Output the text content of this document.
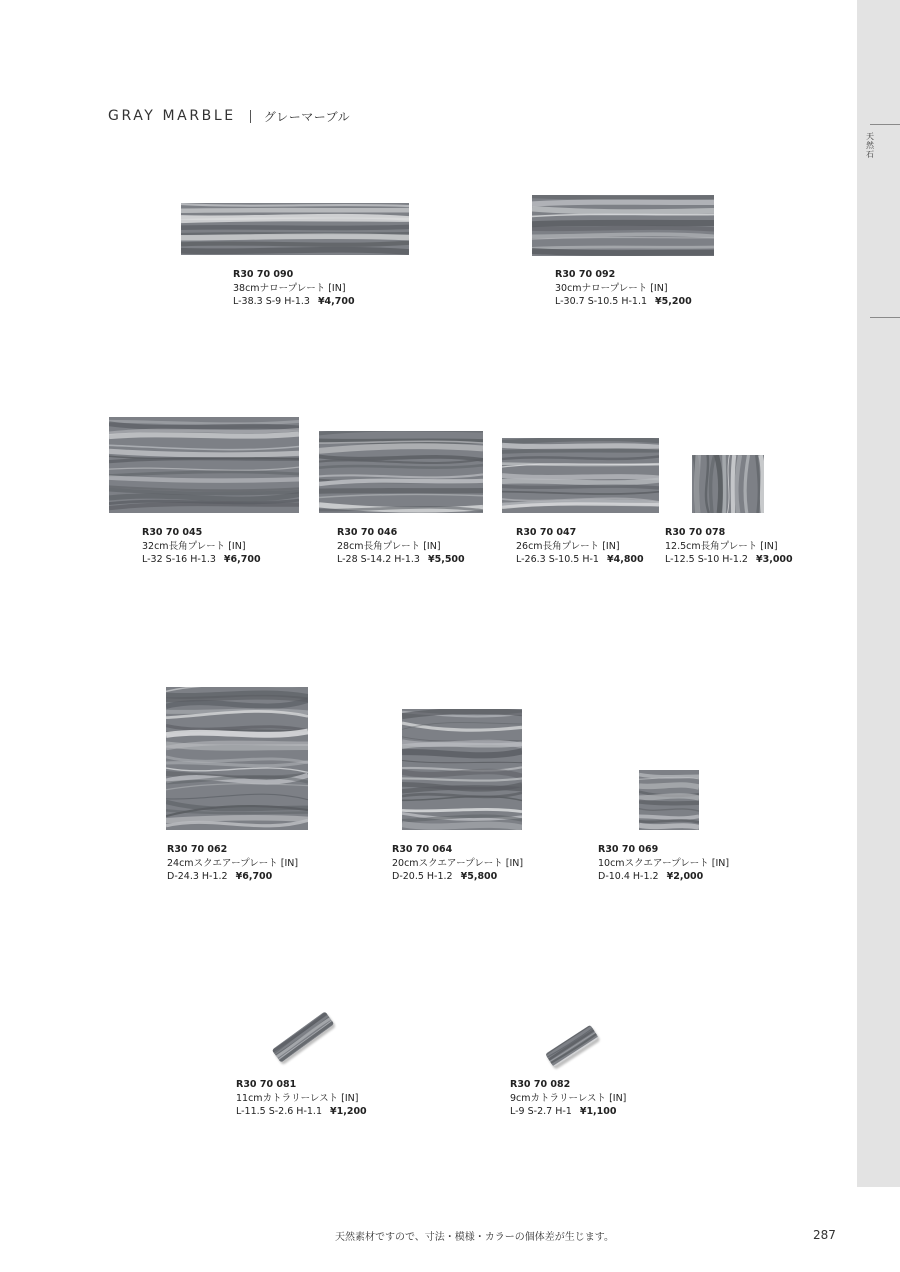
天然石
GRAY MARBLE グレーマーブル
R30 70 090
38cmナロープレート [IN]
L-38.3 S-9 H-1.3 ¥4,700
R30 70 092
30cmナロープレート [IN]
L-30.7 S-10.5 H-1.1 ¥5,200
R30 70 045
32cm長角プレート [IN]
L-32 S-16 H-1.3 ¥6,700
R30 70 046
28cm長角プレート [IN]
L-28 S-14.2 H-1.3 ¥5,500
R30 70 047
26cm長角プレート [IN]
L-26.3 S-10.5 H-1 ¥4,800
R30 70 078
12.5cm長角プレート [IN]
L-12.5 S-10 H-1.2 ¥3,000
R30 70 062
24cmスクエアープレート [IN]
D-24.3 H-1.2 ¥6,700
R30 70 064
20cmスクエアープレート [IN]
D-20.5 H-1.2 ¥5,800
R30 70 069
10cmスクエアープレート [IN]
D-10.4 H-1.2 ¥2,000
R30 70 081
11cmカトラリーレスト [IN]
L-11.5 S-2.6 H-1.1 ¥1,200
R30 70 082
9cmカトラリーレスト [IN]
L-9 S-2.7 H-1 ¥1,100
天然素材ですので、寸法・模様・カラーの個体差が生じます。	287
